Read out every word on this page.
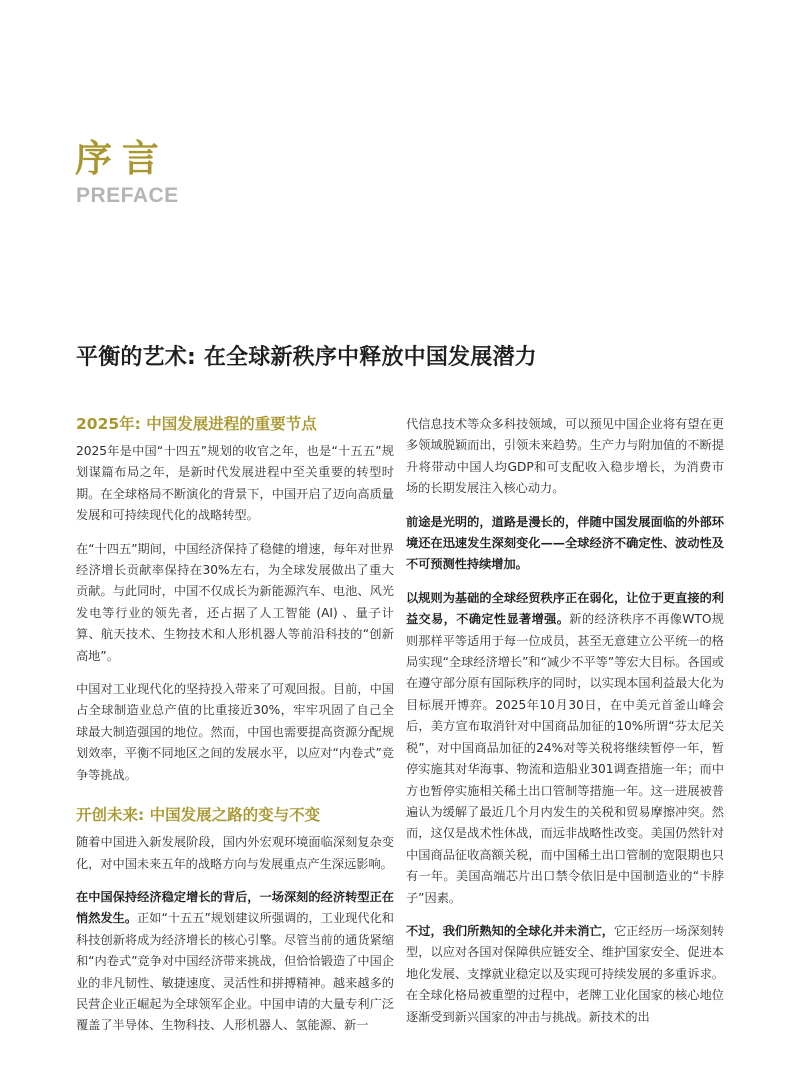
序言
PREFACE
平衡的艺术: 在全球新秩序中释放中国发展潜力
2025年: 中国发展进程的重要节点

2025年是中国“十四五”规划的收官之年，也是“十五五”规划谋篇布局之年，是新时代发展进程中至关重要的转型时期。在全球格局不断演化的背景下，中国开启了迈向高质量发展和可持续现代化的战略转型。

在“十四五”期间，中国经济保持了稳健的增速，每年对世界经济增长贡献率保持在30%左右，为全球发展做出了重大贡献。与此同时，中国不仅成长为新能源汽车、电池、风光发电等行业的领先者，还占据了人工智能 (AI) 、量子计算、航天技术、生物技术和人形机器人等前沿科技的“创新高地”。

中国对工业现代化的坚持投入带来了可观回报。目前，中国占全球制造业总产值的比重接近30%，牢牢巩固了自己全球最大制造强国的地位。然而，中国也需要提高资源分配规划效率，平衡不同地区之间的发展水平，以应对“内卷式”竞争等挑战。

开创未来: 中国发展之路的变与不变

随着中国进入新发展阶段，国内外宏观环境面临深刻复杂变化，对中国未来五年的战略方向与发展重点产生深远影响。

在中国保持经济稳定增长的背后，一场深刻的经济转型正在悄然发生。正如“十五五”规划建议所强调的，工业现代化和科技创新将成为经济增长的核心引擎。尽管当前的通货紧缩和“内卷式”竞争对中国经济带来挑战，但恰恰锻造了中国企业的非凡韧性、敏捷速度、灵活性和拼搏精神。越来越多的民营企业正崛起为全球领军企业。中国申请的大量专利广泛覆盖了半导体、生物科技、人形机器人、氢能源、新一

代信息技术等众多科技领域，可以预见中国企业将有望在更多领域脱颖而出，引领未来趋势。生产力与附加值的不断提升将带动中国人均GDP和可支配收入稳步增长，为消费市场的长期发展注入核心动力。

前途是光明的，道路是漫长的，伴随中国发展面临的外部环境还在迅速发生深刻变化——全球经济不确定性、波动性及不可预测性持续增加。

以规则为基础的全球经贸秩序正在弱化，让位于更直接的利益交易，不确定性显著增强。新的经济秩序不再像WTO规则那样平等适用于每一位成员，甚至无意建立公平统一的格局实现“全球经济增长”和“减少不平等”等宏大目标。各国或在遵守部分原有国际秩序的同时，以实现本国利益最大化为目标展开博弈。2025年10月30日，在中美元首釜山峰会后，美方宣布取消针对中国商品加征的10%所谓“芬太尼关税”，对中国商品加征的24%对等关税将继续暂停一年，暂停实施其对华海事、物流和造船业301调查措施一年；而中方也暂停实施相关稀土出口管制等措施一年。这一进展被普遍认为缓解了最近几个月内发生的关税和贸易摩擦冲突。然而，这仅是战术性休战，而远非战略性改变。美国仍然针对中国商品征收高额关税，而中国稀土出口管制的宽限期也只有一年。美国高端芯片出口禁令依旧是中国制造业的“卡脖子”因素。

不过，我们所熟知的全球化并未消亡，它正经历一场深刻转型，以应对各国对保障供应链安全、维护国家安全、促进本地化发展、支撑就业稳定以及实现可持续发展的多重诉求。在全球化格局被重塑的过程中，老牌工业化国家的核心地位逐渐受到新兴国家的冲击与挑战。新技术的出
